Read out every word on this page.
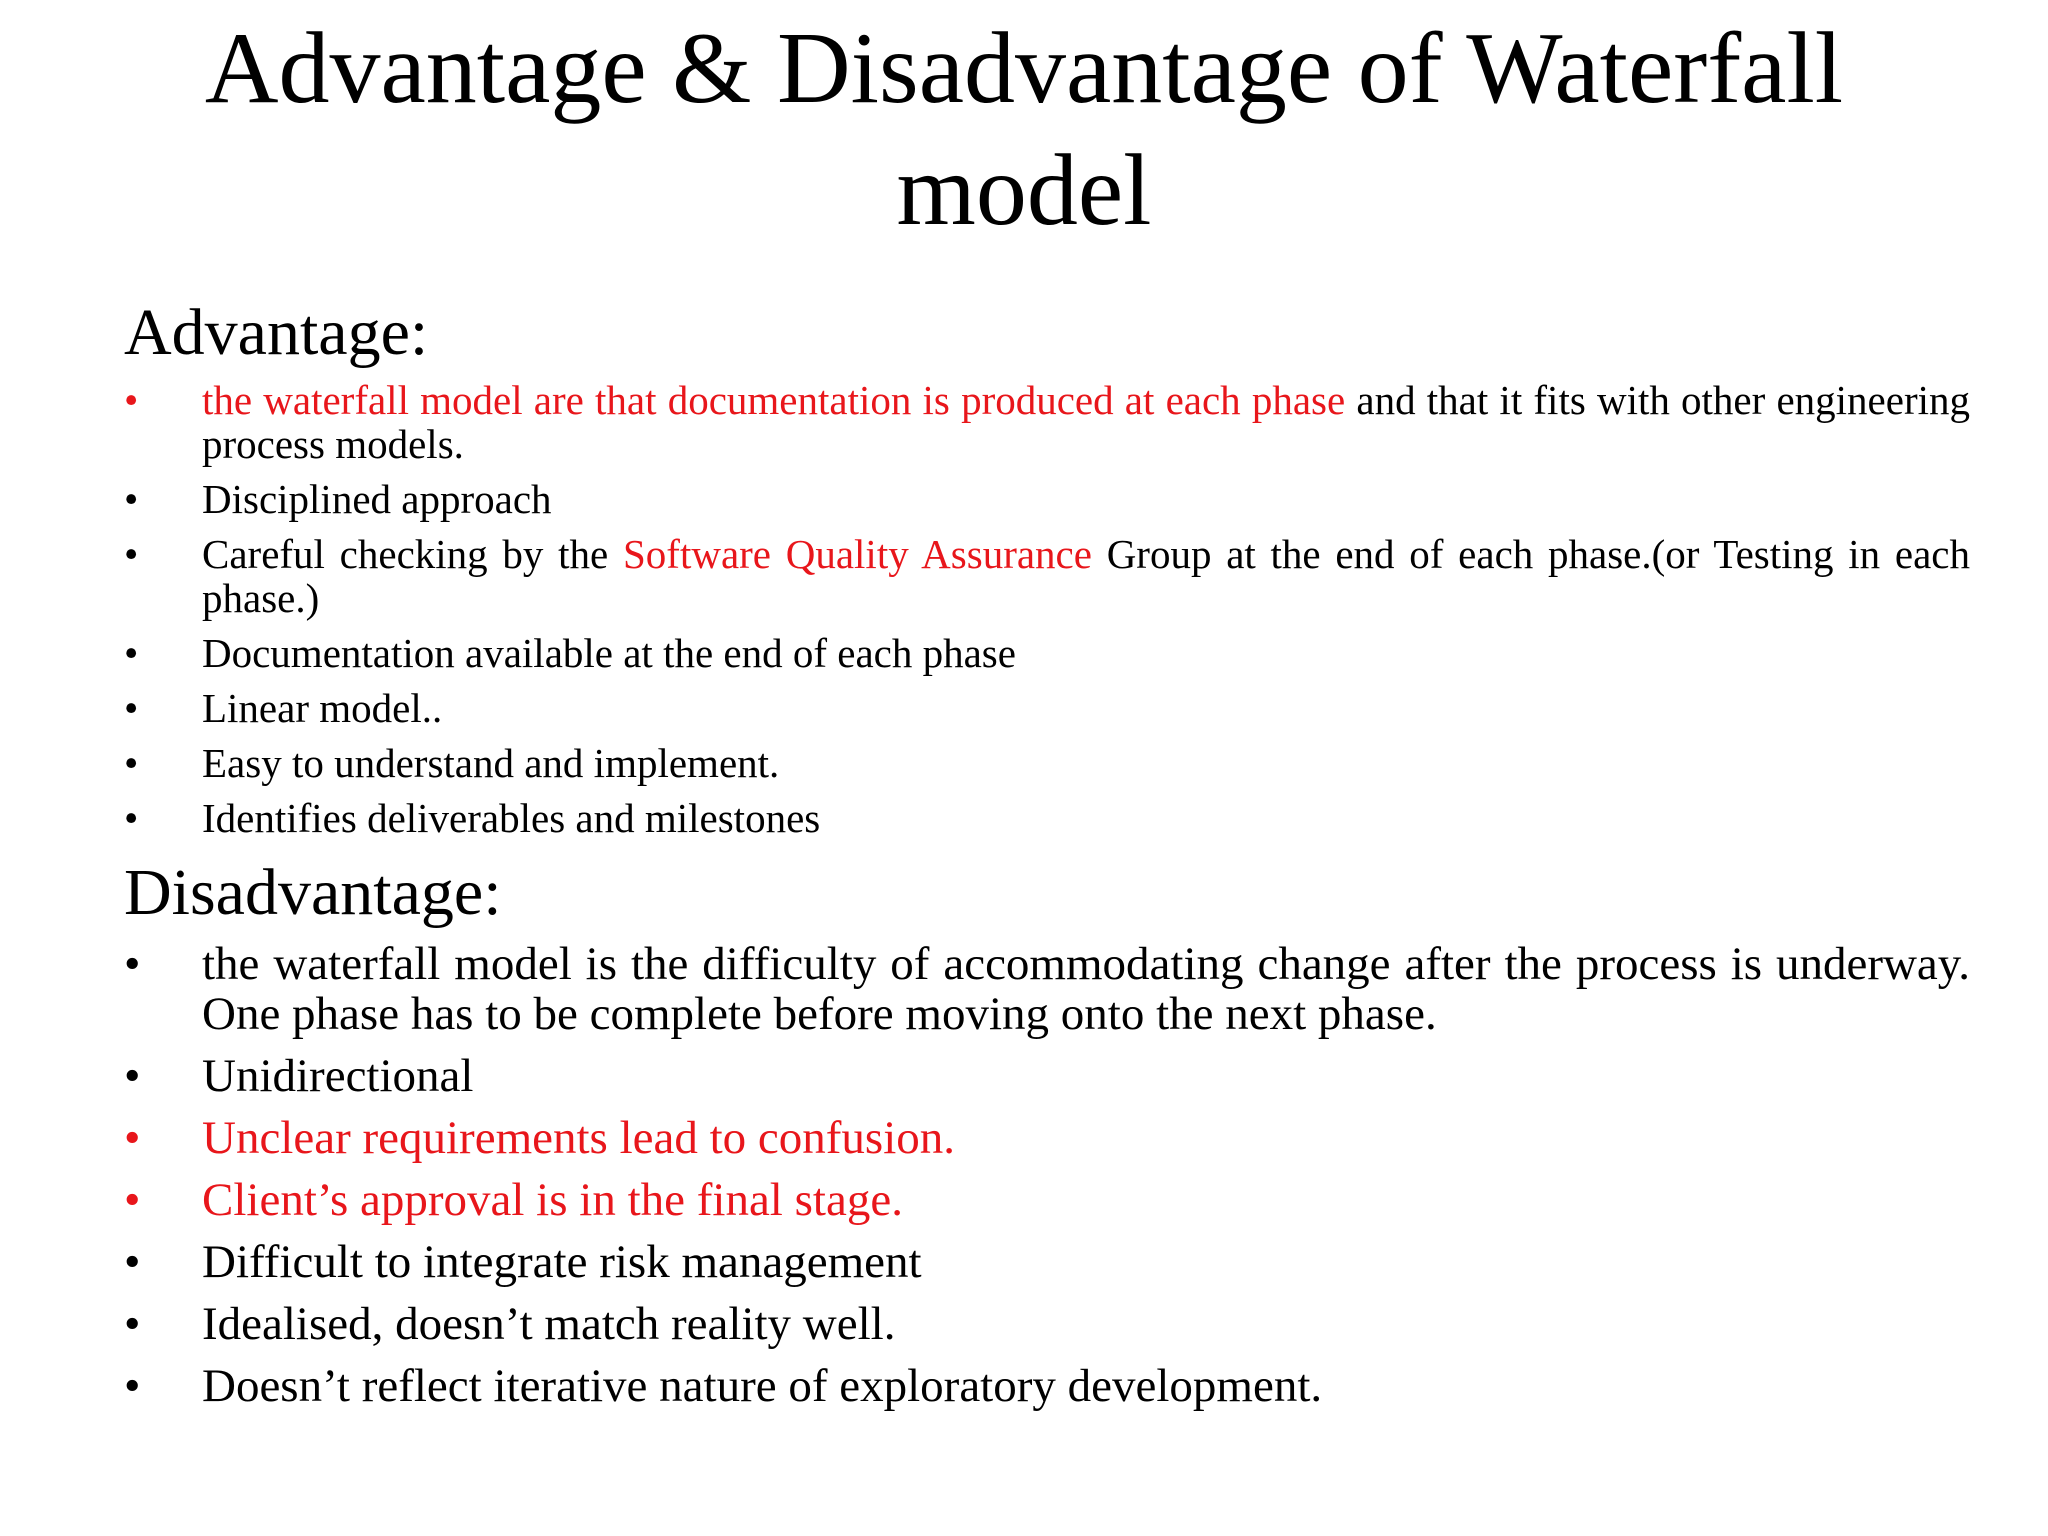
Advantage & Disadvantage of Waterfall
model
Advantage:
• the waterfall model are that documentation is produced at each phase and that it fits with other engineering process models.
• Disciplined approach
• Careful checking by the Software Quality Assurance Group at the end of each phase.(or Testing in each phase.)
• Documentation available at the end of each phase
• Linear model..
• Easy to understand and implement.
• Identifies deliverables and milestones
Disadvantage:
• the waterfall model is the difficulty of accommodating change after the process is underway. One phase has to be complete before moving onto the next phase.
• Unidirectional
• Unclear requirements lead to confusion.
• Client’s approval is in the final stage.
• Difficult to integrate risk management
• Idealised, doesn’t match reality well.
• Doesn’t reflect iterative nature of exploratory development.
